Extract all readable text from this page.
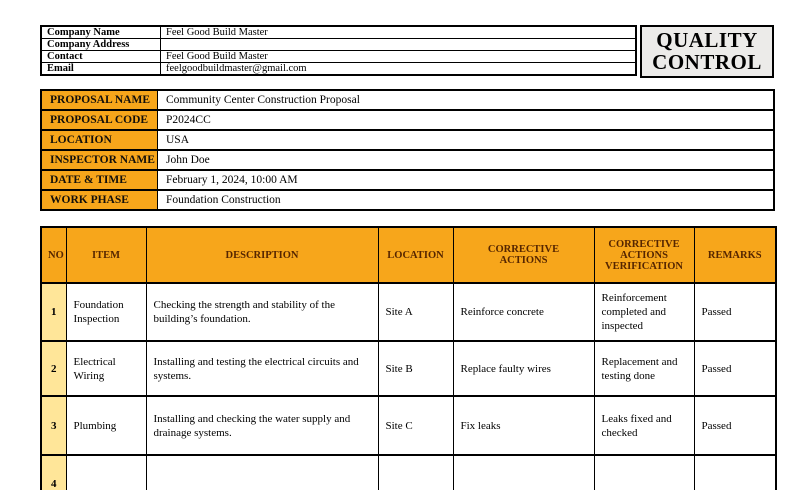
Company Name	Feel Good Build Master
Company Address	
Contact	Feel Good Build Master
Email	feelgoodbuildmaster@gmail.com
QUALITY
CONTROL
PROPOSAL NAME	Community Center Construction Proposal
PROPOSAL CODE	P2024CC
LOCATION	USA
INSPECTOR NAME	John Doe
DATE & TIME	February 1, 2024, 10:00 AM
WORK PHASE	Foundation Construction
NO	ITEM	DESCRIPTION	LOCATION	CORRECTIVE ACTIONS	CORRECTIVE ACTIONS VERIFICATION	REMARKS
1	Foundation Inspection	Checking the strength and stability of the building’s foundation.	Site A	Reinforce concrete	Reinforcement completed and inspected	Passed
2	Electrical Wiring	Installing and testing the electrical circuits and systems.	Site B	Replace faulty wires	Replacement and testing done	Passed
3	Plumbing	Installing and checking the water supply and drainage systems.	Site C	Fix leaks	Leaks fixed and checked	Passed
4						
